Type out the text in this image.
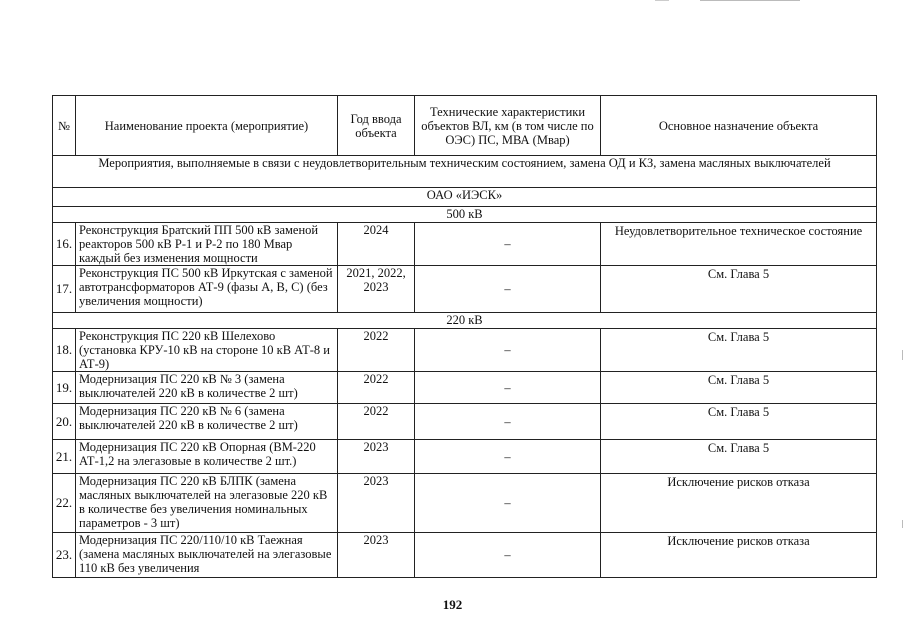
№	Наименование проекта (мероприятие)	Год ввода объекта	Технические характеристики объектов ВЛ, км (в том числе по ОЭС) ПС, МВА (Мвар)	Основное назначение объекта
Мероприятия, выполняемые в связи с неудовлетворительным техническим состоянием, замена ОД и КЗ, замена масляных выключателей				
ОАО «ИЭСК»				
500 кВ				
16.	Реконструкция Братский ПП 500 кВ заменой реакторов 500 кВ Р-1 и Р-2 по 180 Мвар каждый без изменения мощности	2024	–	Неудовлетворительное техническое состояние
17.	Реконструкция ПС 500 кВ Иркутская с заменой автотрансформаторов АТ-9 (фазы А, В, С) (без увеличения мощности)	2021, 2022, 2023	–	См. Глава 5
220 кВ				
18.	Реконструкция ПС 220 кВ Шелехово (установка КРУ-10 кВ на стороне 10 кВ АТ-8 и АТ-9)	2022	–	См. Глава 5
19.	Модернизация ПС 220 кВ № 3 (замена выключателей 220 кВ в количестве 2 шт)	2022	–	См. Глава 5
20.	Модернизация ПС 220 кВ № 6 (замена выключателей 220 кВ в количестве 2 шт)	2022	–	См. Глава 5
21.	Модернизация ПС 220 кВ Опорная (ВМ-220 АТ-1,2 на элегазовые в количестве 2 шт.)	2023	–	См. Глава 5
22.	Модернизация ПС 220 кВ БЛПК (замена масляных выключателей на элегазовые 220 кВ в количестве без увеличения номинальных параметров - 3 шт)	2023	–	Исключение рисков отказа
23.	Модернизация ПС 220/110/10 кВ Таежная (замена масляных выключателей на элегазовые 110 кВ без увеличения	2023	–	Исключение рисков отказа
192
